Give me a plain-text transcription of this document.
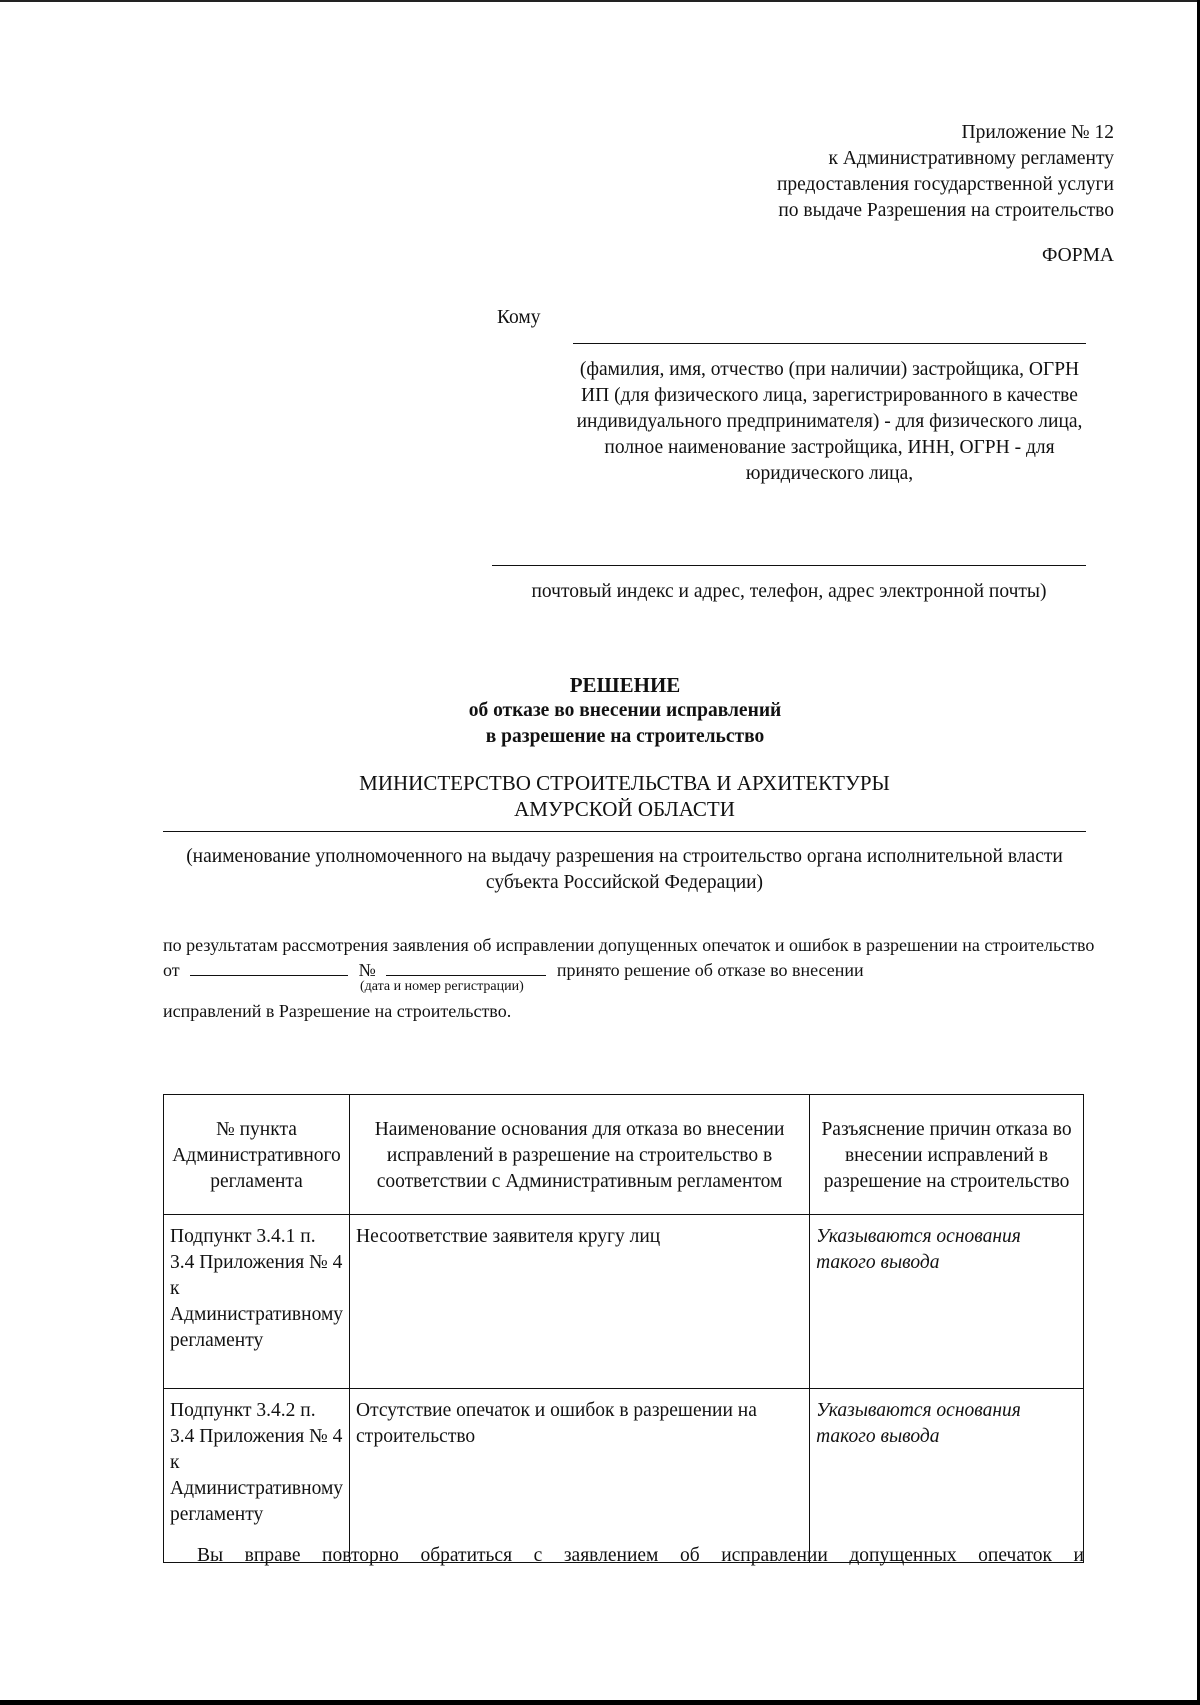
Приложение № 12
к Административному регламенту
предоставления государственной услуги
по выдаче Разрешения на строительство
ФОРМА
Кому
(фамилия, имя, отчество (при наличии) застройщика, ОГРН ИП (для физического лица, зарегистрированного в качестве индивидуального предпринимателя) - для физического лица, полное наименование застройщика, ИНН, ОГРН - для юридического лица,
почтовый индекс и адрес, телефон, адрес электронной почты)
РЕШЕНИЕ
об отказе во внесении исправлений
в разрешение на строительство
МИНИСТЕРСТВО СТРОИТЕЛЬСТВА И АРХИТЕКТУРЫ
АМУРСКОЙ ОБЛАСТИ
(наименование уполномоченного на выдачу разрешения на строительство органа исполнительной власти субъекта Российской Федерации)
по результатам рассмотрения заявления об исправлении допущенных опечаток и ошибок в разрешении на строительство от	№	принято решение об отказе во внесении
(дата и номер регистрации)
исправлений в Разрешение на строительство.
№ пункта Административного регламента	Наименование основания для отказа во внесении исправлений в разрешение на строительство в соответствии с Административным регламентом	Разъяснение причин отказа во внесении исправлений в разрешение на строительство
Подпункт 3.4.1 п. 3.4 Приложения № 4 к Административному регламенту	Несоответствие заявителя кругу лиц	Указываются основания такого вывода
Подпункт 3.4.2 п. 3.4 Приложения № 4 к Административному регламенту	Отсутствие опечаток и ошибок в разрешении на строительство	Указываются основания такого вывода
Вы вправе повторно обратиться с заявлением об исправлении допущенных опечаток и
